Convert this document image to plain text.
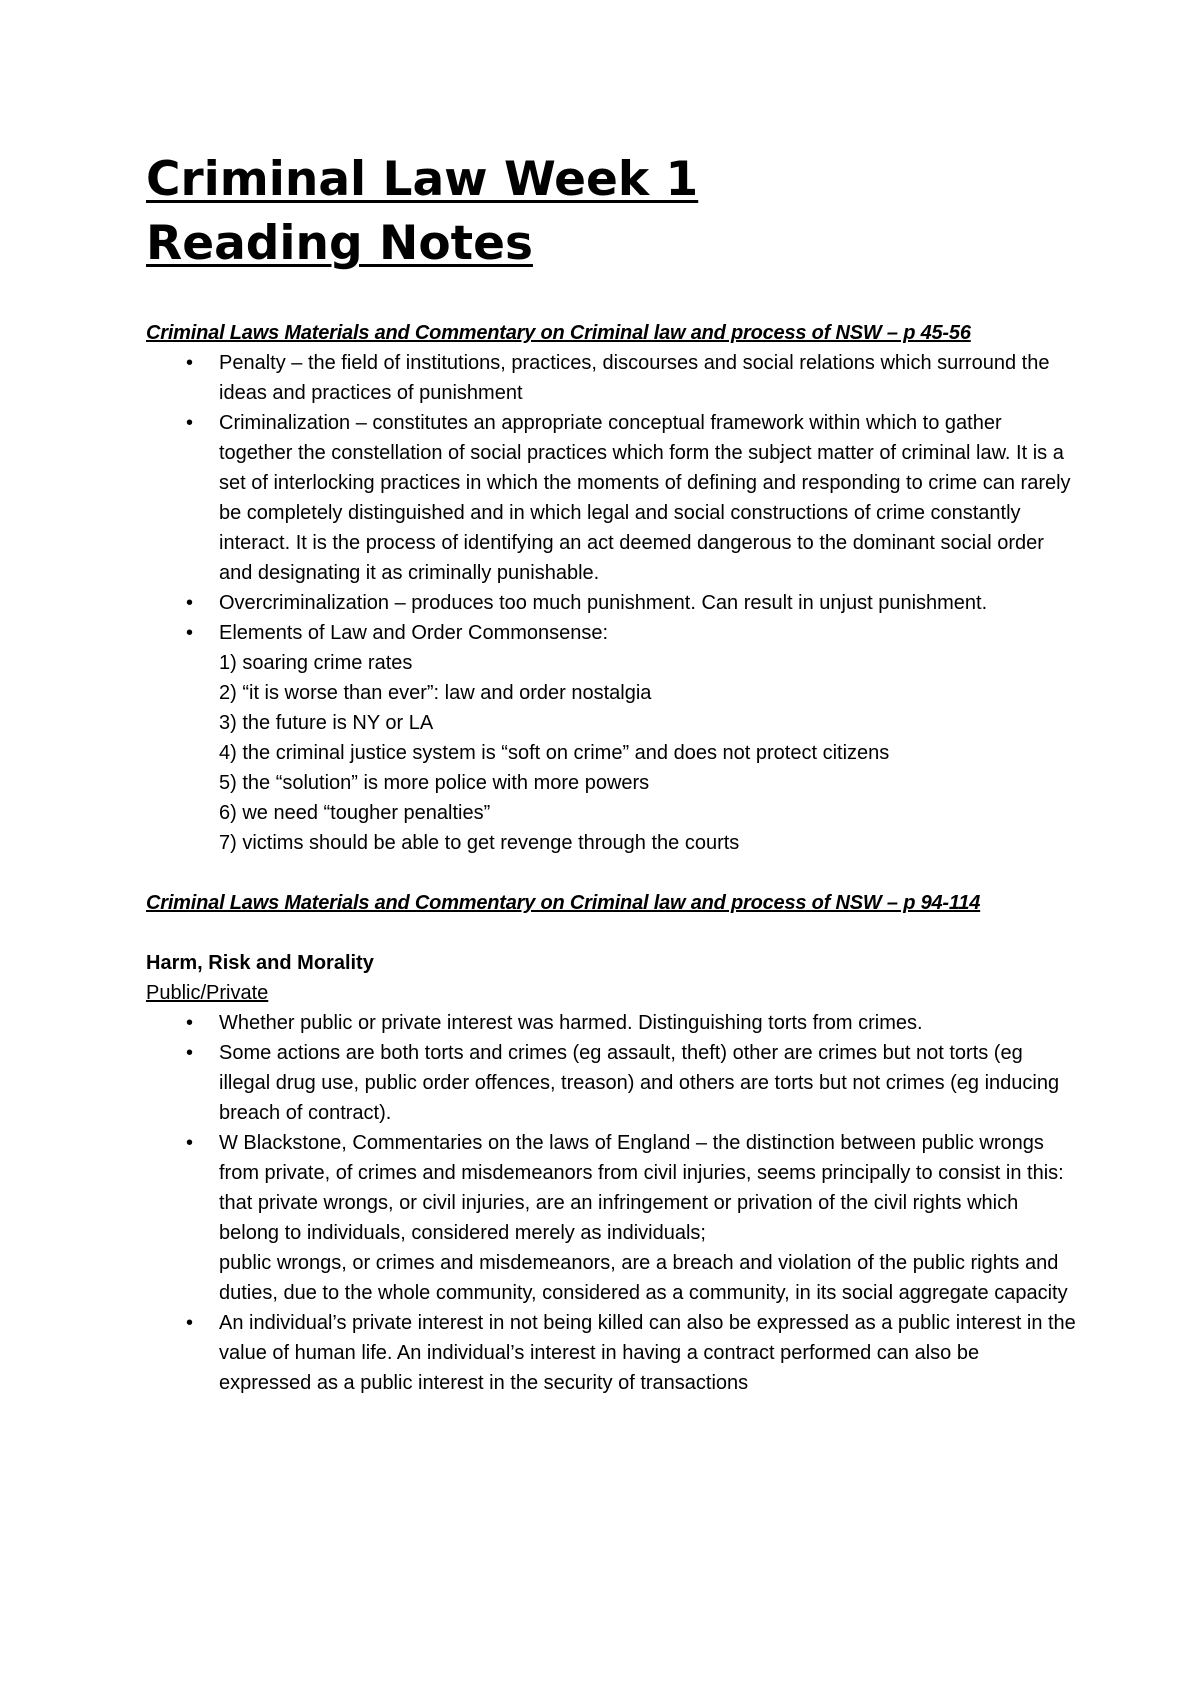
Criminal Law Week 1
Reading Notes

Criminal Laws Materials and Commentary on Criminal law and process of NSW – p 45-56

• Penalty – the field of institutions, practices, discourses and social relations which surround the ideas and practices of punishment
• Criminalization – constitutes an appropriate conceptual framework within which to gather together the constellation of social practices which form the subject matter of criminal law. It is a set of interlocking practices in which the moments of defining and responding to crime can rarely be completely distinguished and in which legal and social constructions of crime constantly interact. It is the process of identifying an act deemed dangerous to the dominant social order and designating it as criminally punishable.
• Overcriminalization – produces too much punishment. Can result in unjust punishment.
• Elements of Law and Order Commonsense:
1) soaring crime rates
2) “it is worse than ever”: law and order nostalgia
3) the future is NY or LA
4) the criminal justice system is “soft on crime” and does not protect citizens
5) the “solution” is more police with more powers
6) we need “tougher penalties”
7) victims should be able to get revenge through the courts

Criminal Laws Materials and Commentary on Criminal law and process of NSW – p 94-114

Harm, Risk and Morality

Public/Private

• Whether public or private interest was harmed. Distinguishing torts from crimes.
• Some actions are both torts and crimes (eg assault, theft) other are crimes but not torts (eg illegal drug use, public order offences, treason) and others are torts but not crimes (eg inducing breach of contract).
• W Blackstone, Commentaries on the laws of England – the distinction between public wrongs from private, of crimes and misdemeanors from civil injuries, seems principally to consist in this:
that private wrongs, or civil injuries, are an infringement or privation of the civil rights which belong to individuals, considered merely as individuals;
public wrongs, or crimes and misdemeanors, are a breach and violation of the public rights and duties, due to the whole community, considered as a community, in its social aggregate capacity
• An individual’s private interest in not being killed can also be expressed as a public interest in the value of human life. An individual’s interest in having a contract performed can also be expressed as a public interest in the security of transactions
